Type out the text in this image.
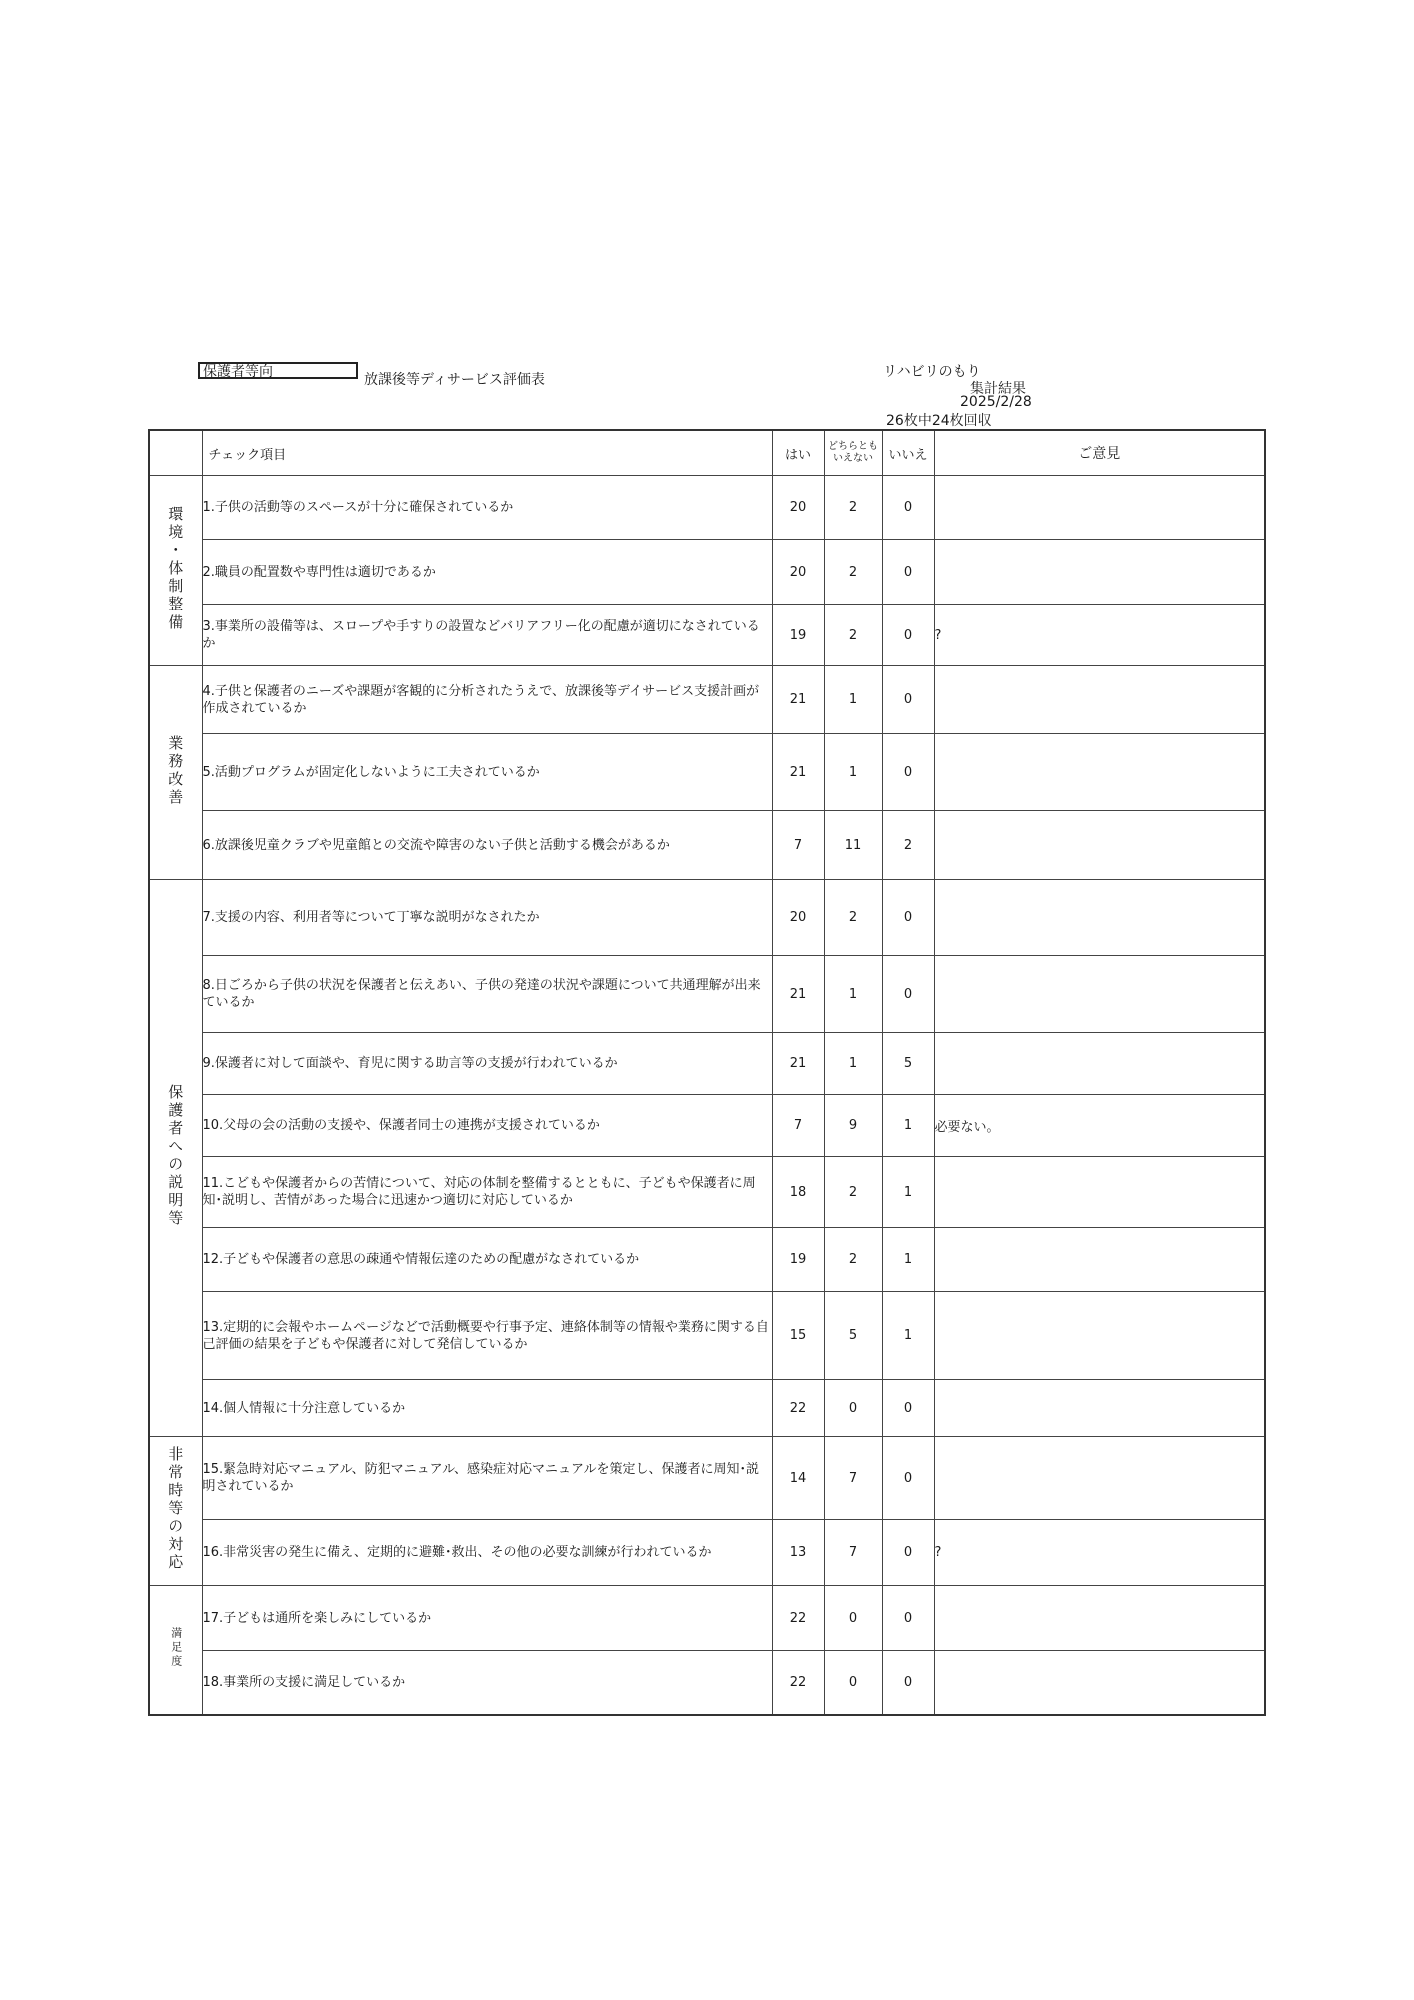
保護者等向	放課後等ディサービス評価表	リハビリのもり
集計結果
2025/2/28
26枚中24枚回収
	チェック項目	はい	どちらとも いえない	いいえ	ご意見
環境・体制整備	1.子供の活動等のスペースが十分に確保されているか	20	2	0	
	2.職員の配置数や専門性は適切であるか	20	2	0	
	3.事業所の設備等は、スロープや手すりの設置などバリアフリー化の配慮が適切になされているか	19	2	0	?
業務改善	4.子供と保護者のニーズや課題が客観的に分析されたうえで、放課後等デイサービス支援計画が作成されているか	21	1	0	
	5.活動プログラムが固定化しないように工夫されているか	21	1	0	
	6.放課後児童クラブや児童館との交流や障害のない子供と活動する機会があるか	7	11	2	
保護者への説明等	7.支援の内容、利用者等について丁寧な説明がなされたか	20	2	0	
	8.日ごろから子供の状況を保護者と伝えあい、子供の発達の状況や課題について共通理解が出来ているか	21	1	0	
	9.保護者に対して面談や、育児に関する助言等の支援が行われているか	21	1	5	
	10.父母の会の活動の支援や、保護者同士の連携が支援されているか	7	9	1	必要ない。
	11.こどもや保護者からの苦情について、対応の体制を整備するとともに、子どもや保護者に周知･説明し、苦情があった場合に迅速かつ適切に対応しているか	18	2	1	
	12.子どもや保護者の意思の疎通や情報伝達のための配慮がなされているか	19	2	1	
	13.定期的に会報やホームページなどで活動概要や行事予定、連絡体制等の情報や業務に関する自己評価の結果を子どもや保護者に対して発信しているか	15	5	1	
	14.個人情報に十分注意しているか	22	0	0	
非常時等の対応	15.緊急時対応マニュアル、防犯マニュアル、感染症対応マニュアルを策定し、保護者に周知･説明されているか	14	7	0	
	16.非常災害の発生に備え、定期的に避難･救出、その他の必要な訓練が行われているか	13	7	0	?
満足度	17.子どもは通所を楽しみにしているか	22	0	0	
	18.事業所の支援に満足しているか	22	0	0	
